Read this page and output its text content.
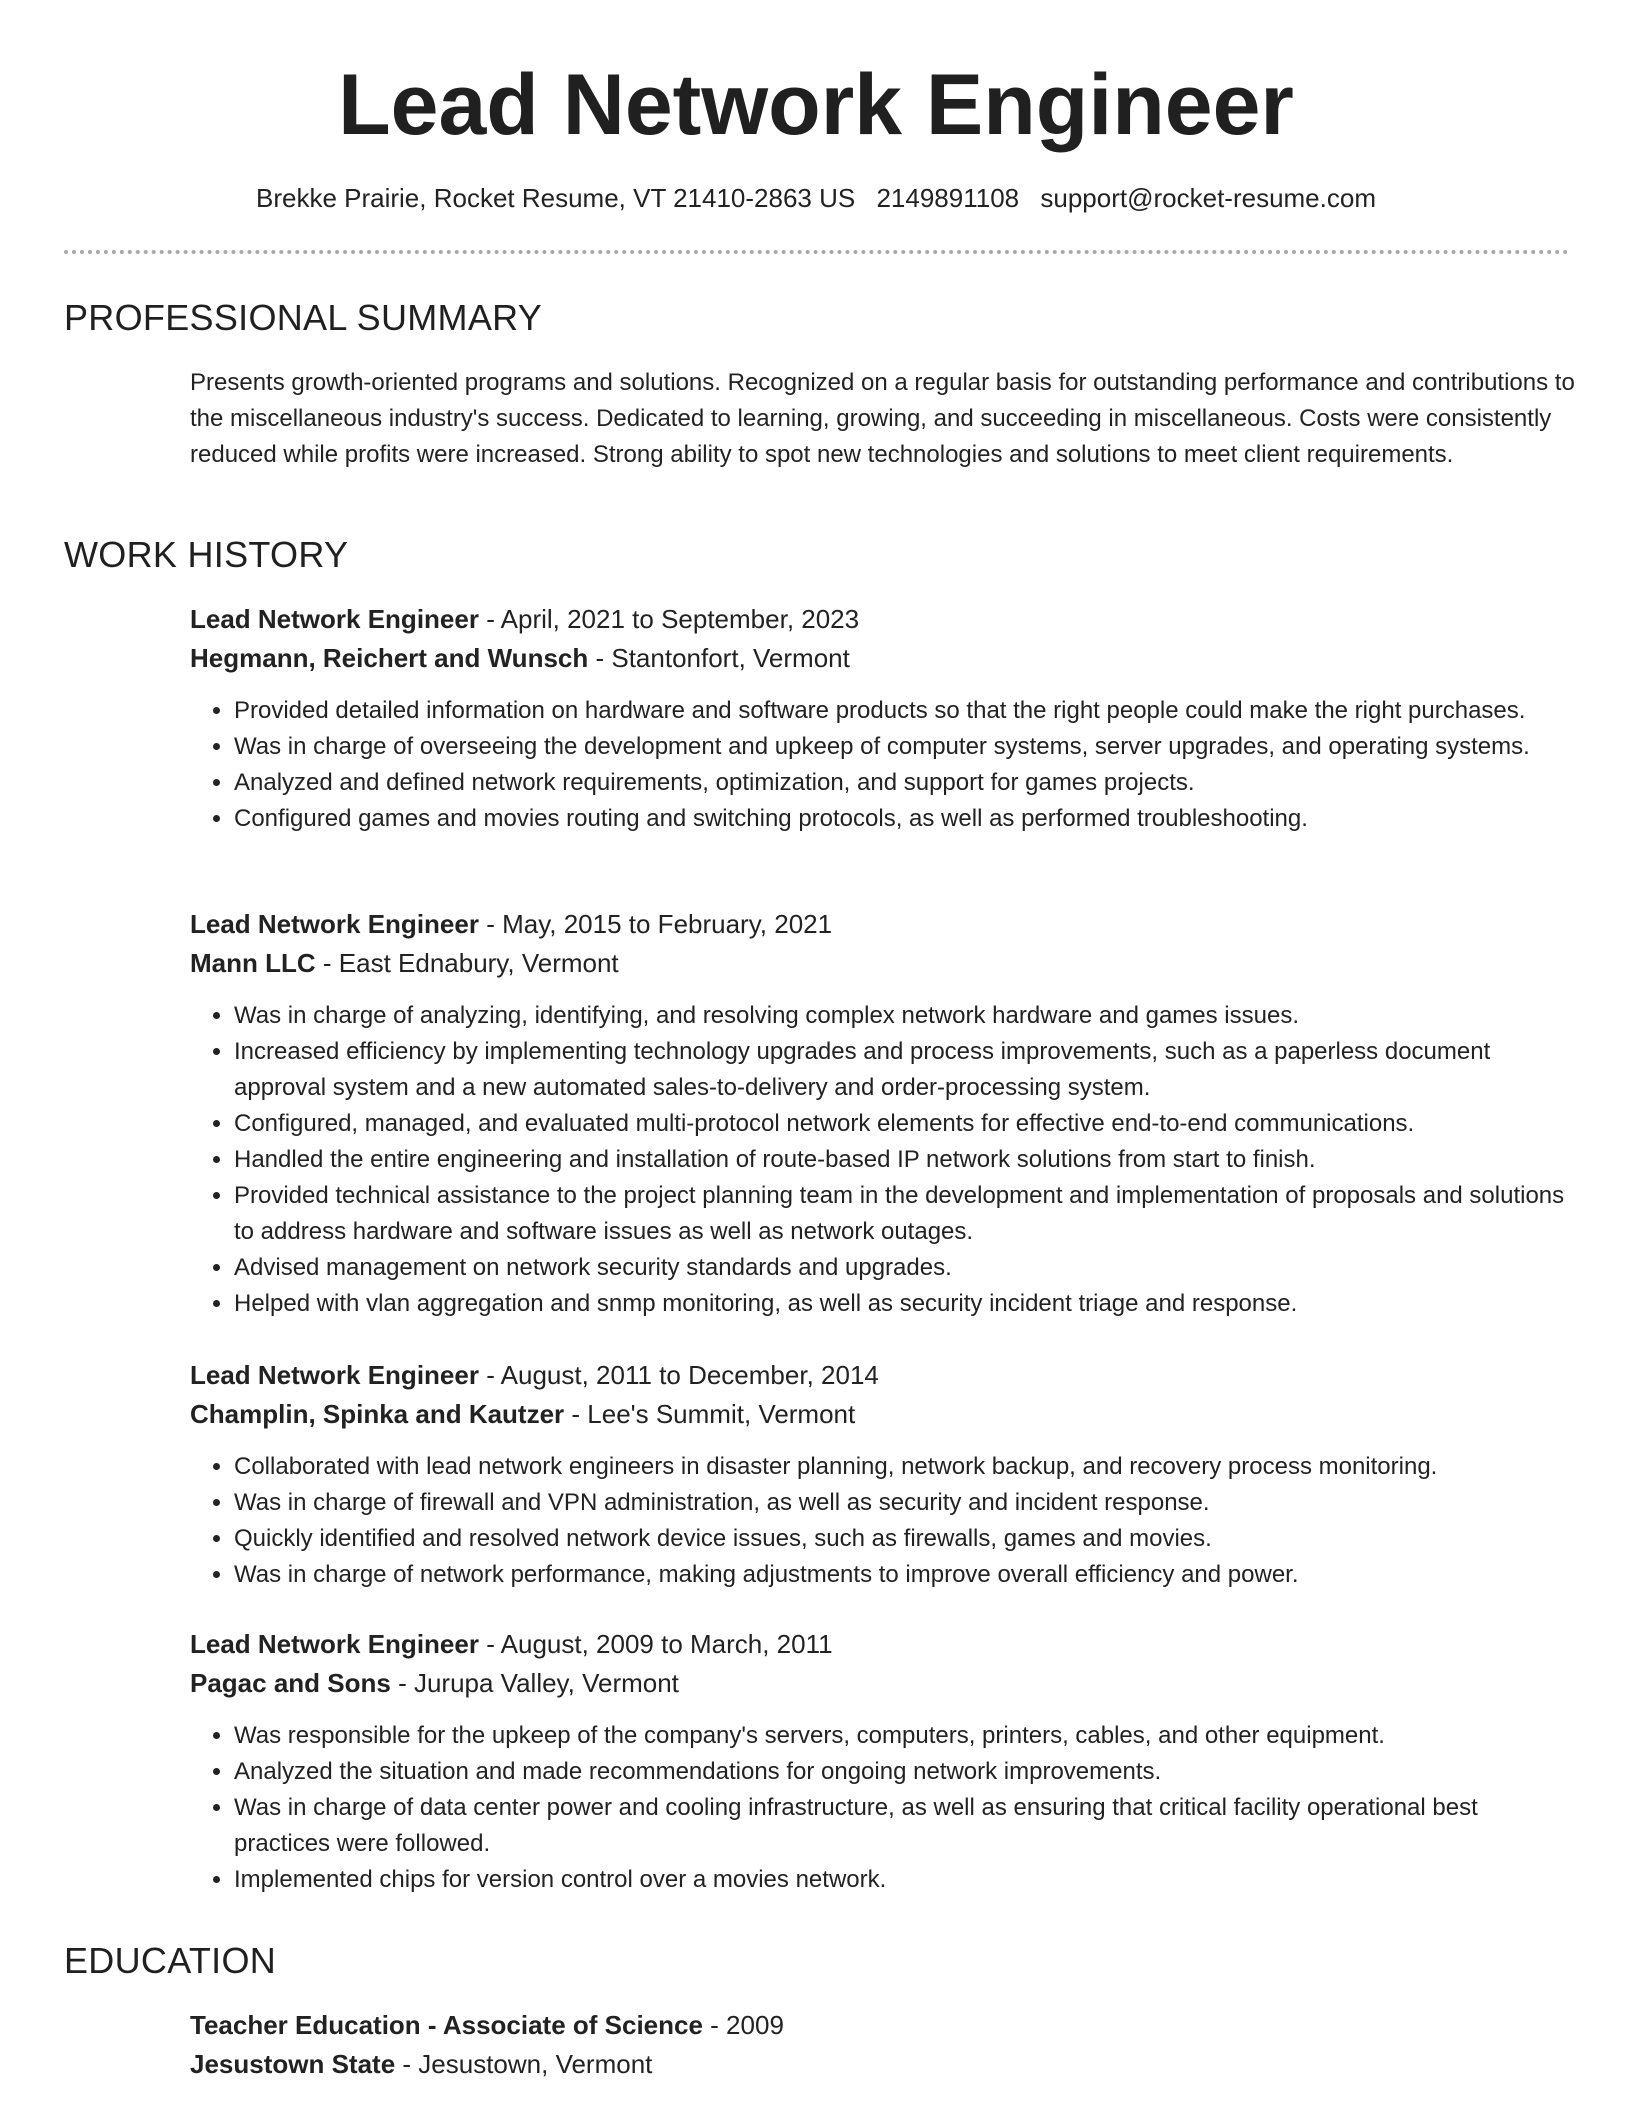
Lead Network Engineer
Brekke Prairie, Rocket Resume, VT 21410-2863 US 2149891108 support@rocket-resume.com
PROFESSIONAL SUMMARY

Presents growth-oriented programs and solutions. Recognized on a regular basis for outstanding performance and contributions to the miscellaneous industry's success. Dedicated to learning, growing, and succeeding in miscellaneous. Costs were consistently reduced while profits were increased. Strong ability to spot new technologies and solutions to meet client requirements.

WORK HISTORY
Lead Network Engineer - April, 2021 to September, 2023
Hegmann, Reichert and Wunsch - Stantonfort, Vermont
• Provided detailed information on hardware and software products so that the right people could make the right purchases.
• Was in charge of overseeing the development and upkeep of computer systems, server upgrades, and operating systems.
• Analyzed and defined network requirements, optimization, and support for games projects.
• Configured games and movies routing and switching protocols, as well as performed troubleshooting.
Lead Network Engineer - May, 2015 to February, 2021
Mann LLC - East Ednabury, Vermont
• Was in charge of analyzing, identifying, and resolving complex network hardware and games issues.
• Increased efficiency by implementing technology upgrades and process improvements, such as a paperless document approval system and a new automated sales-to-delivery and order-processing system.
• Configured, managed, and evaluated multi-protocol network elements for effective end-to-end communications.
• Handled the entire engineering and installation of route-based IP network solutions from start to finish.
• Provided technical assistance to the project planning team in the development and implementation of proposals and solutions to address hardware and software issues as well as network outages.
• Advised management on network security standards and upgrades.
• Helped with vlan aggregation and snmp monitoring, as well as security incident triage and response.
Lead Network Engineer - August, 2011 to December, 2014
Champlin, Spinka and Kautzer - Lee's Summit, Vermont
• Collaborated with lead network engineers in disaster planning, network backup, and recovery process monitoring.
• Was in charge of firewall and VPN administration, as well as security and incident response.
• Quickly identified and resolved network device issues, such as firewalls, games and movies.
• Was in charge of network performance, making adjustments to improve overall efficiency and power.
Lead Network Engineer - August, 2009 to March, 2011
Pagac and Sons - Jurupa Valley, Vermont
• Was responsible for the upkeep of the company's servers, computers, printers, cables, and other equipment.
• Analyzed the situation and made recommendations for ongoing network improvements.
• Was in charge of data center power and cooling infrastructure, as well as ensuring that critical facility operational best practices were followed.
• Implemented chips for version control over a movies network.
EDUCATION
Teacher Education - Associate of Science - 2009
Jesustown State - Jesustown, Vermont
